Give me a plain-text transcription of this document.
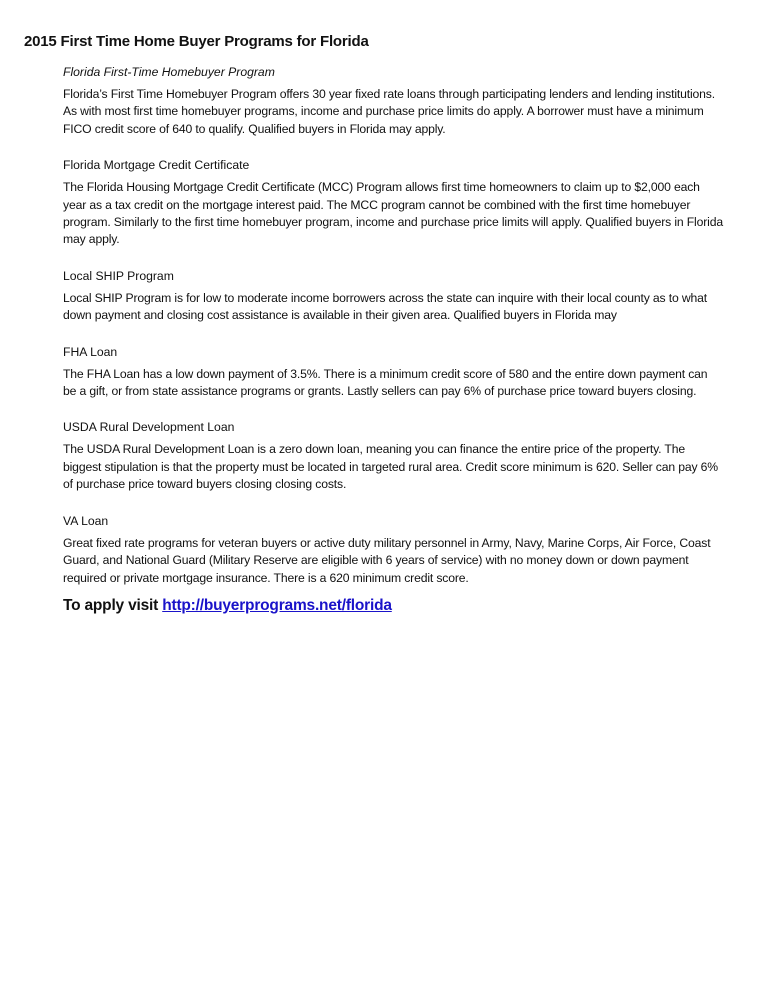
2015 First Time Home Buyer Programs for Florida

Florida First-Time Homebuyer Program

Florida’s First Time Homebuyer Program offers 30 year fixed rate loans through participating lenders and lending institutions. As with most first time homebuyer programs, income and purchase price limits do apply. A borrower must have a minimum FICO credit score of 640 to qualify. Qualified buyers in Florida may apply.

Florida Mortgage Credit Certificate

The Florida Housing Mortgage Credit Certificate (MCC) Program allows first time homeowners to claim up to $2,000 each year as a tax credit on the mortgage interest paid. The MCC program cannot be combined with the first time homebuyer program. Similarly to the first time homebuyer program, income and purchase price limits will apply. Qualified buyers in Florida may apply.

Local SHIP Program

Local SHIP Program is for low to moderate income borrowers across the state can inquire with their local county as to what down payment and closing cost assistance is available in their given area. Qualified buyers in Florida may

FHA Loan

The FHA Loan has a low down payment of 3.5%. There is a minimum credit score of 580 and the entire down payment can be a gift, or from state assistance programs or grants. Lastly sellers can pay 6% of purchase price toward buyers closing.

USDA Rural Development Loan

The USDA Rural Development Loan is a zero down loan, meaning you can finance the entire price of the property. The biggest stipulation is that the property must be located in targeted rural area. Credit score minimum is 620. Seller can pay 6% of purchase price toward buyers closing closing costs.

VA Loan

Great fixed rate programs for veteran buyers or active duty military personnel in Army, Navy, Marine Corps, Air Force, Coast Guard, and National Guard (Military Reserve are eligible with 6 years of service) with no money down or down payment required or private mortgage insurance. There is a 620 minimum credit score.

To apply visit http://buyerprograms.net/florida
